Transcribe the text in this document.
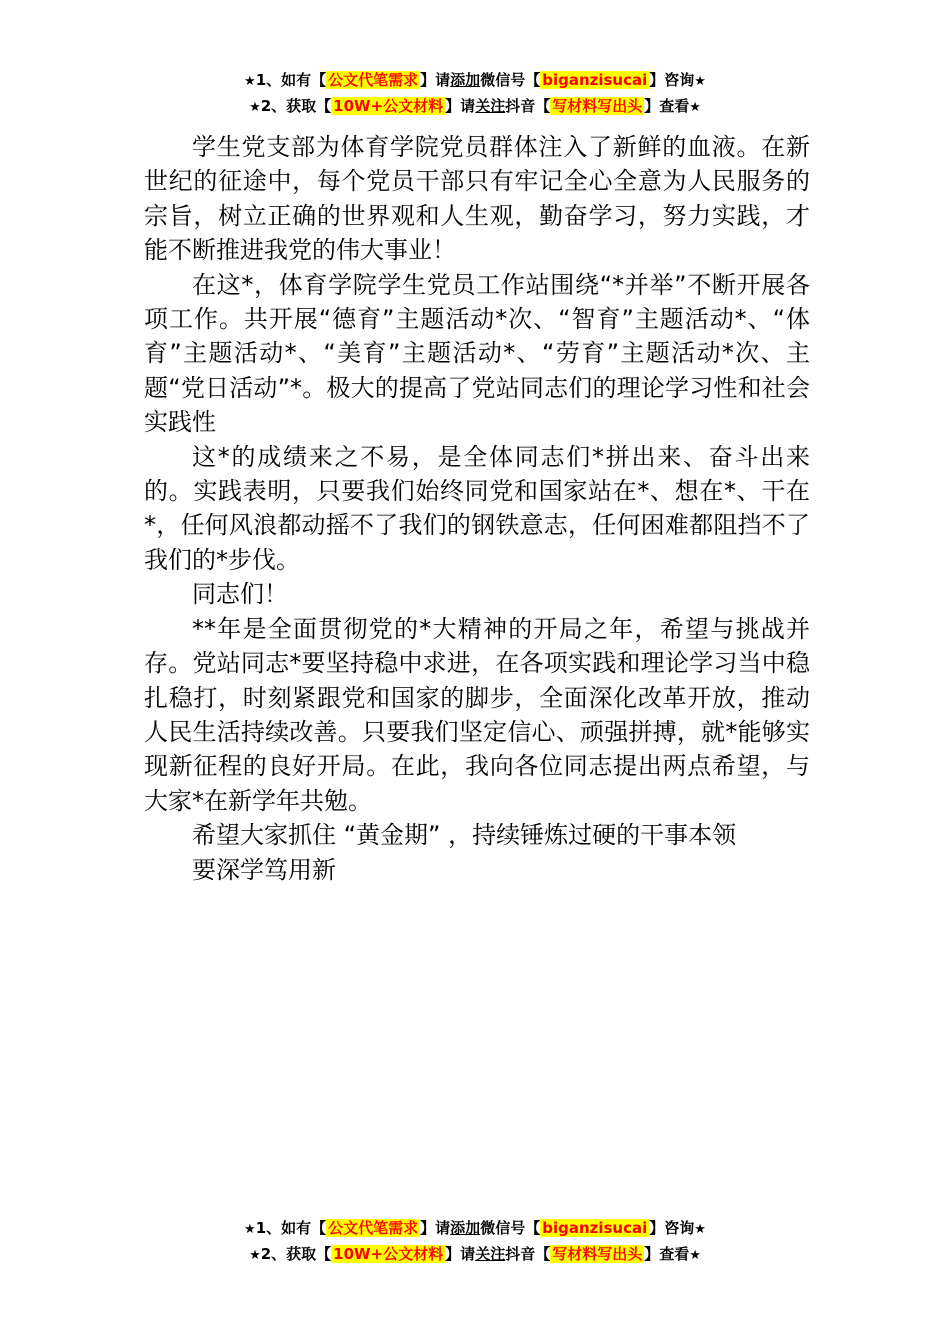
★1、如有【 公文代笔需求 】请添加微信号【 biganzisucai 】咨询★
★2、获取【 10W+公文材料 】请关注抖音【 写材料写出头 】查看★

学生党支部为体育学院党员群体注入了新鲜的血液。在新世纪的征途中，每个党员干部只有牢记全心全意为人民服务的宗旨，树立正确的世界观和人生观，勤奋学习，努力实践，才能不断推进我党的伟大事业！

在这*，体育学院学生党员工作站围绕“*并举”不断开展各项工作。共开展“德育”主题活动*次、“智育”主题活动*、“体育”主题活动*、“美育”主题活动*、“劳育”主题活动*次、主题“党日活动”*。极大的提高了党站同志们的理论学习性和社会实践性

这*的成绩来之不易，是全体同志们*拼出来、奋斗出来的。实践表明，只要我们始终同党和国家站在*、想在*、干在*，任何风浪都动摇不了我们的钢铁意志，任何困难都阻挡不了我们的*步伐。

同志们！

**年是全面贯彻党的*大精神的开局之年，希望与挑战并存。党站同志*要坚持稳中求进，在各项实践和理论学习当中稳扎稳打，时刻紧跟党和国家的脚步，全面深化改革开放，推动人民生活持续改善。只要我们坚定信心、顽强拼搏，就*能够实现新征程的良好开局。在此，我向各位同志提出两点希望，与大家*在新学年共勉。

希望大家抓住 “黄金期” ，持续锤炼过硬的干事本领

要深学笃用新

★1、如有【 公文代笔需求 】请添加微信号【 biganzisucai 】咨询★
★2、获取【 10W+公文材料 】请关注抖音【 写材料写出头 】查看★
